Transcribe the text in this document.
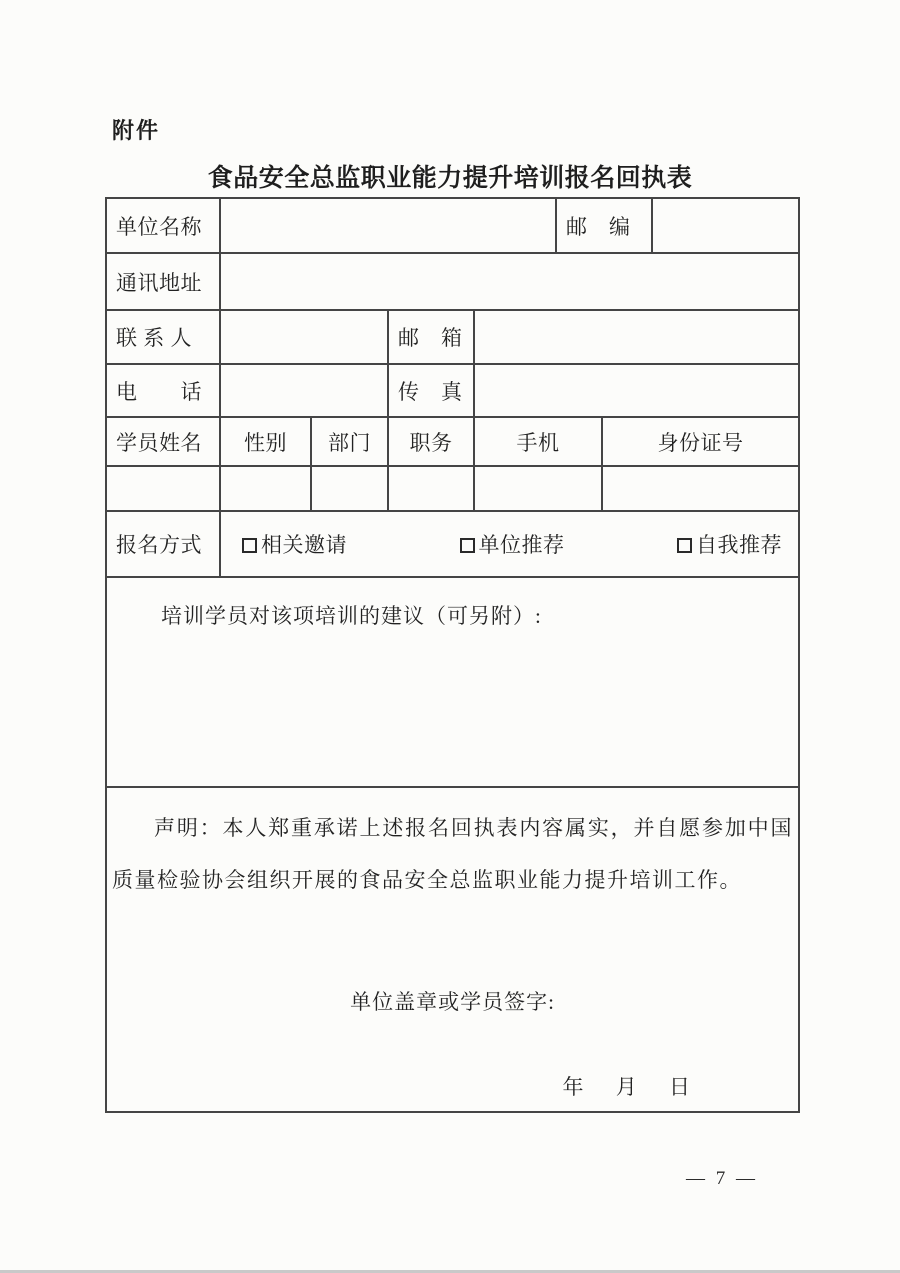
附件
食品安全总监职业能力提升培训报名回执表
单位名称					邮　编		
通讯地址							
联 系 人			邮　箱				
电　　话			传　真				
学员姓名	性别	部门	职务	手机		身份证号	

报名方式	相关邀请 单位推荐 自我推荐						

培训学员对该项培训的建议（可另附）:							

声明：本人郑重承诺上述报名回执表内容属实，并自愿参加中国质量检验协会组织开展的食品安全总监职业能力提升培训工作。

单位盖章或学员签字:

年　 月　 日							

— 7 —
